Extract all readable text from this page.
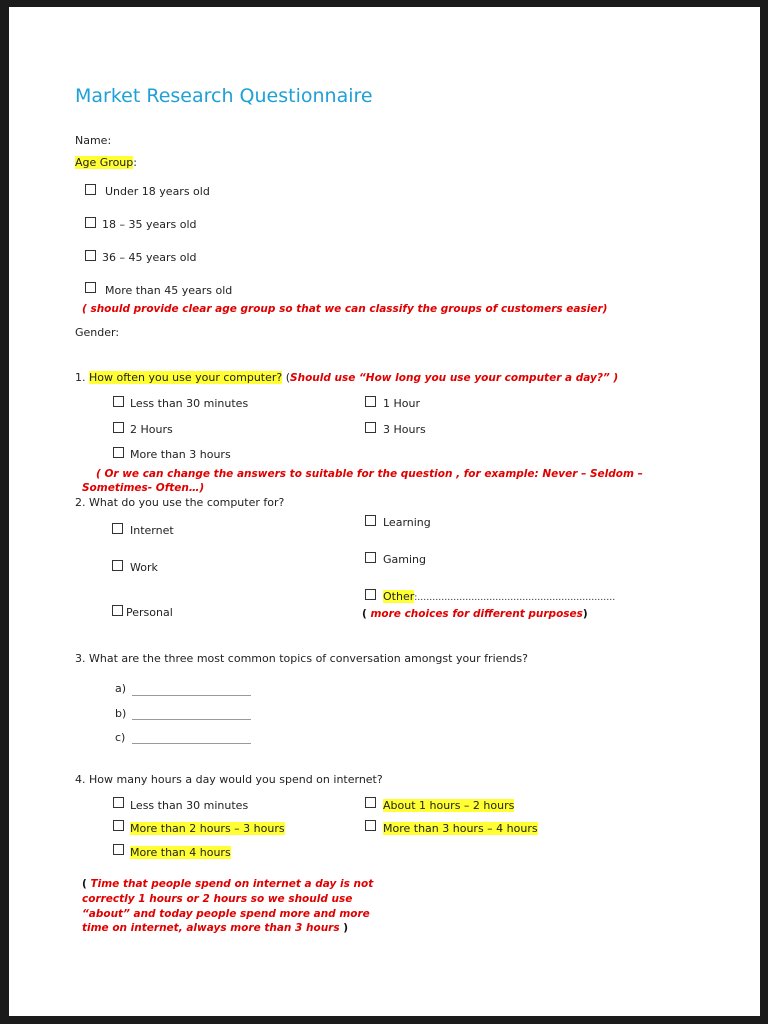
Market Research Questionnaire
Name:
Age Group:
Under 18 years old
18 – 35 years old
36 – 45 years old
More than 45 years old
( should provide clear age group so that we can classify the groups of customers easier)
Gender:
1. How often you use your computer? (Should use “How long you use your computer a day?” )
Less than 30 minutes	1 Hour
2 Hours	3 Hours
More than 3 hours
( Or we can change the answers to suitable for the question , for example: Never – Seldom –
Sometimes- Often…)
2. What do you use the computer for?
Internet
Learning
Work
Gaming
Personal
Other:…………………………………………………………
( more choices for different purposes)
3. What are the three most common topics of conversation amongst your friends?
a)
b)
c)
4. How many hours a day would you spend on internet?
Less than 30 minutes	About 1 hours – 2 hours
More than 2 hours – 3 hours	More than 3 hours – 4 hours
More than 4 hours
( Time that people spend on internet a day is not
correctly 1 hours or 2 hours so we should use
“about” and today people spend more and more
time on internet, always more than 3 hours )
